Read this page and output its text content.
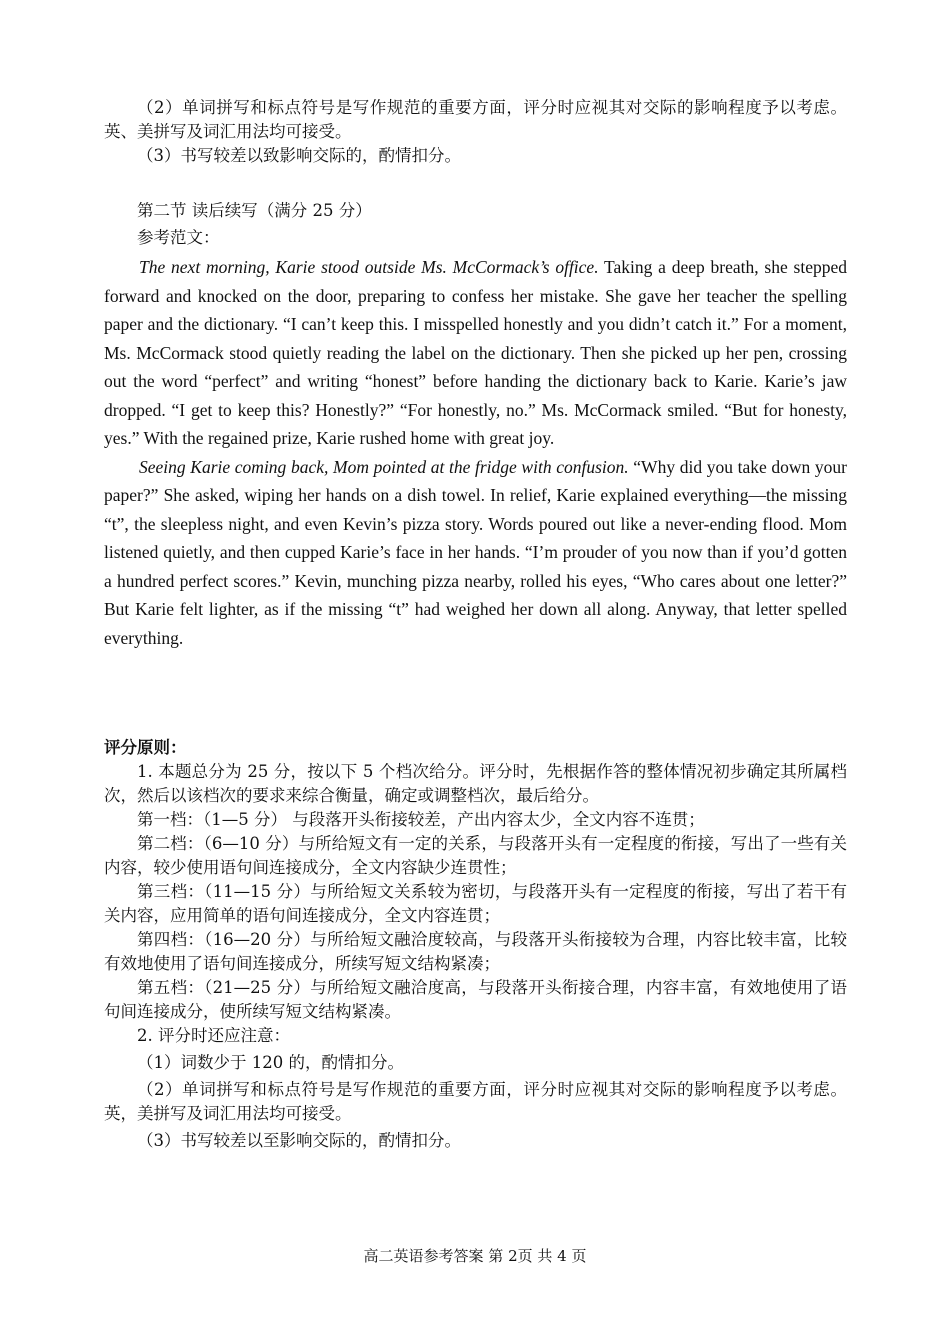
（2）单词拼写和标点符号是写作规范的重要方面，评分时应视其对交际的影响程度予以考虑。英、美拼写及词汇用法均可接受。
（3）书写较差以致影响交际的，酌情扣分。
第二节 读后续写（满分 25 分）
参考范文：
The next morning, Karie stood outside Ms. McCormack’s office. Taking a deep breath, she stepped forward and knocked on the door, preparing to confess her mistake. She gave her teacher the spelling paper and the dictionary. “I can’t keep this. I misspelled honestly and you didn’t catch it.” For a moment, Ms. McCormack stood quietly reading the label on the dictionary. Then she picked up her pen, crossing out the word “perfect” and writing “honest” before handing the dictionary back to Karie. Karie’s jaw dropped. “I get to keep this? Honestly?” “For honestly, no.” Ms. McCormack smiled. “But for honesty, yes.” With the regained prize, Karie rushed home with great joy.
Seeing Karie coming back, Mom pointed at the fridge with confusion. “Why did you take down your paper?” She asked, wiping her hands on a dish towel. In relief, Karie explained everything—the missing “t”, the sleepless night, and even Kevin’s pizza story. Words poured out like a never-ending flood. Mom listened quietly, and then cupped Karie’s face in her hands. “I’m prouder of you now than if you’d gotten a hundred perfect scores.” Kevin, munching pizza nearby, rolled his eyes, “Who cares about one letter?” But Karie felt lighter, as if the missing “t” had weighed her down all along. Anyway, that letter spelled everything.
评分原则：
1. 本题总分为 25 分，按以下 5 个档次给分。评分时，先根据作答的整体情况初步确定其所属档次，然后以该档次的要求来综合衡量，确定或调整档次，最后给分。
第一档：（1—5 分） 与段落开头衔接较差，产出内容太少，全文内容不连贯；
第二档：（6—10 分）与所给短文有一定的关系，与段落开头有一定程度的衔接，写出了一些有关内容，较少使用语句间连接成分，全文内容缺少连贯性；
第三档：（11—15 分）与所给短文关系较为密切，与段落开头有一定程度的衔接，写出了若干有关内容，应用简单的语句间连接成分，全文内容连贯；
第四档：（16—20 分）与所给短文融洽度较高，与段落开头衔接较为合理，内容比较丰富，比较有效地使用了语句间连接成分，所续写短文结构紧凑；
第五档：（21—25 分）与所给短文融洽度高，与段落开头衔接合理，内容丰富，有效地使用了语句间连接成分，使所续写短文结构紧凑。
2. 评分时还应注意：
（1）词数少于 120 的，酌情扣分。
（2）单词拼写和标点符号是写作规范的重要方面，评分时应视其对交际的影响程度予以考虑。英，美拼写及词汇用法均可接受。
（3）书写较差以至影响交际的，酌情扣分。
高二英语参考答案 第 2页 共 4 页
